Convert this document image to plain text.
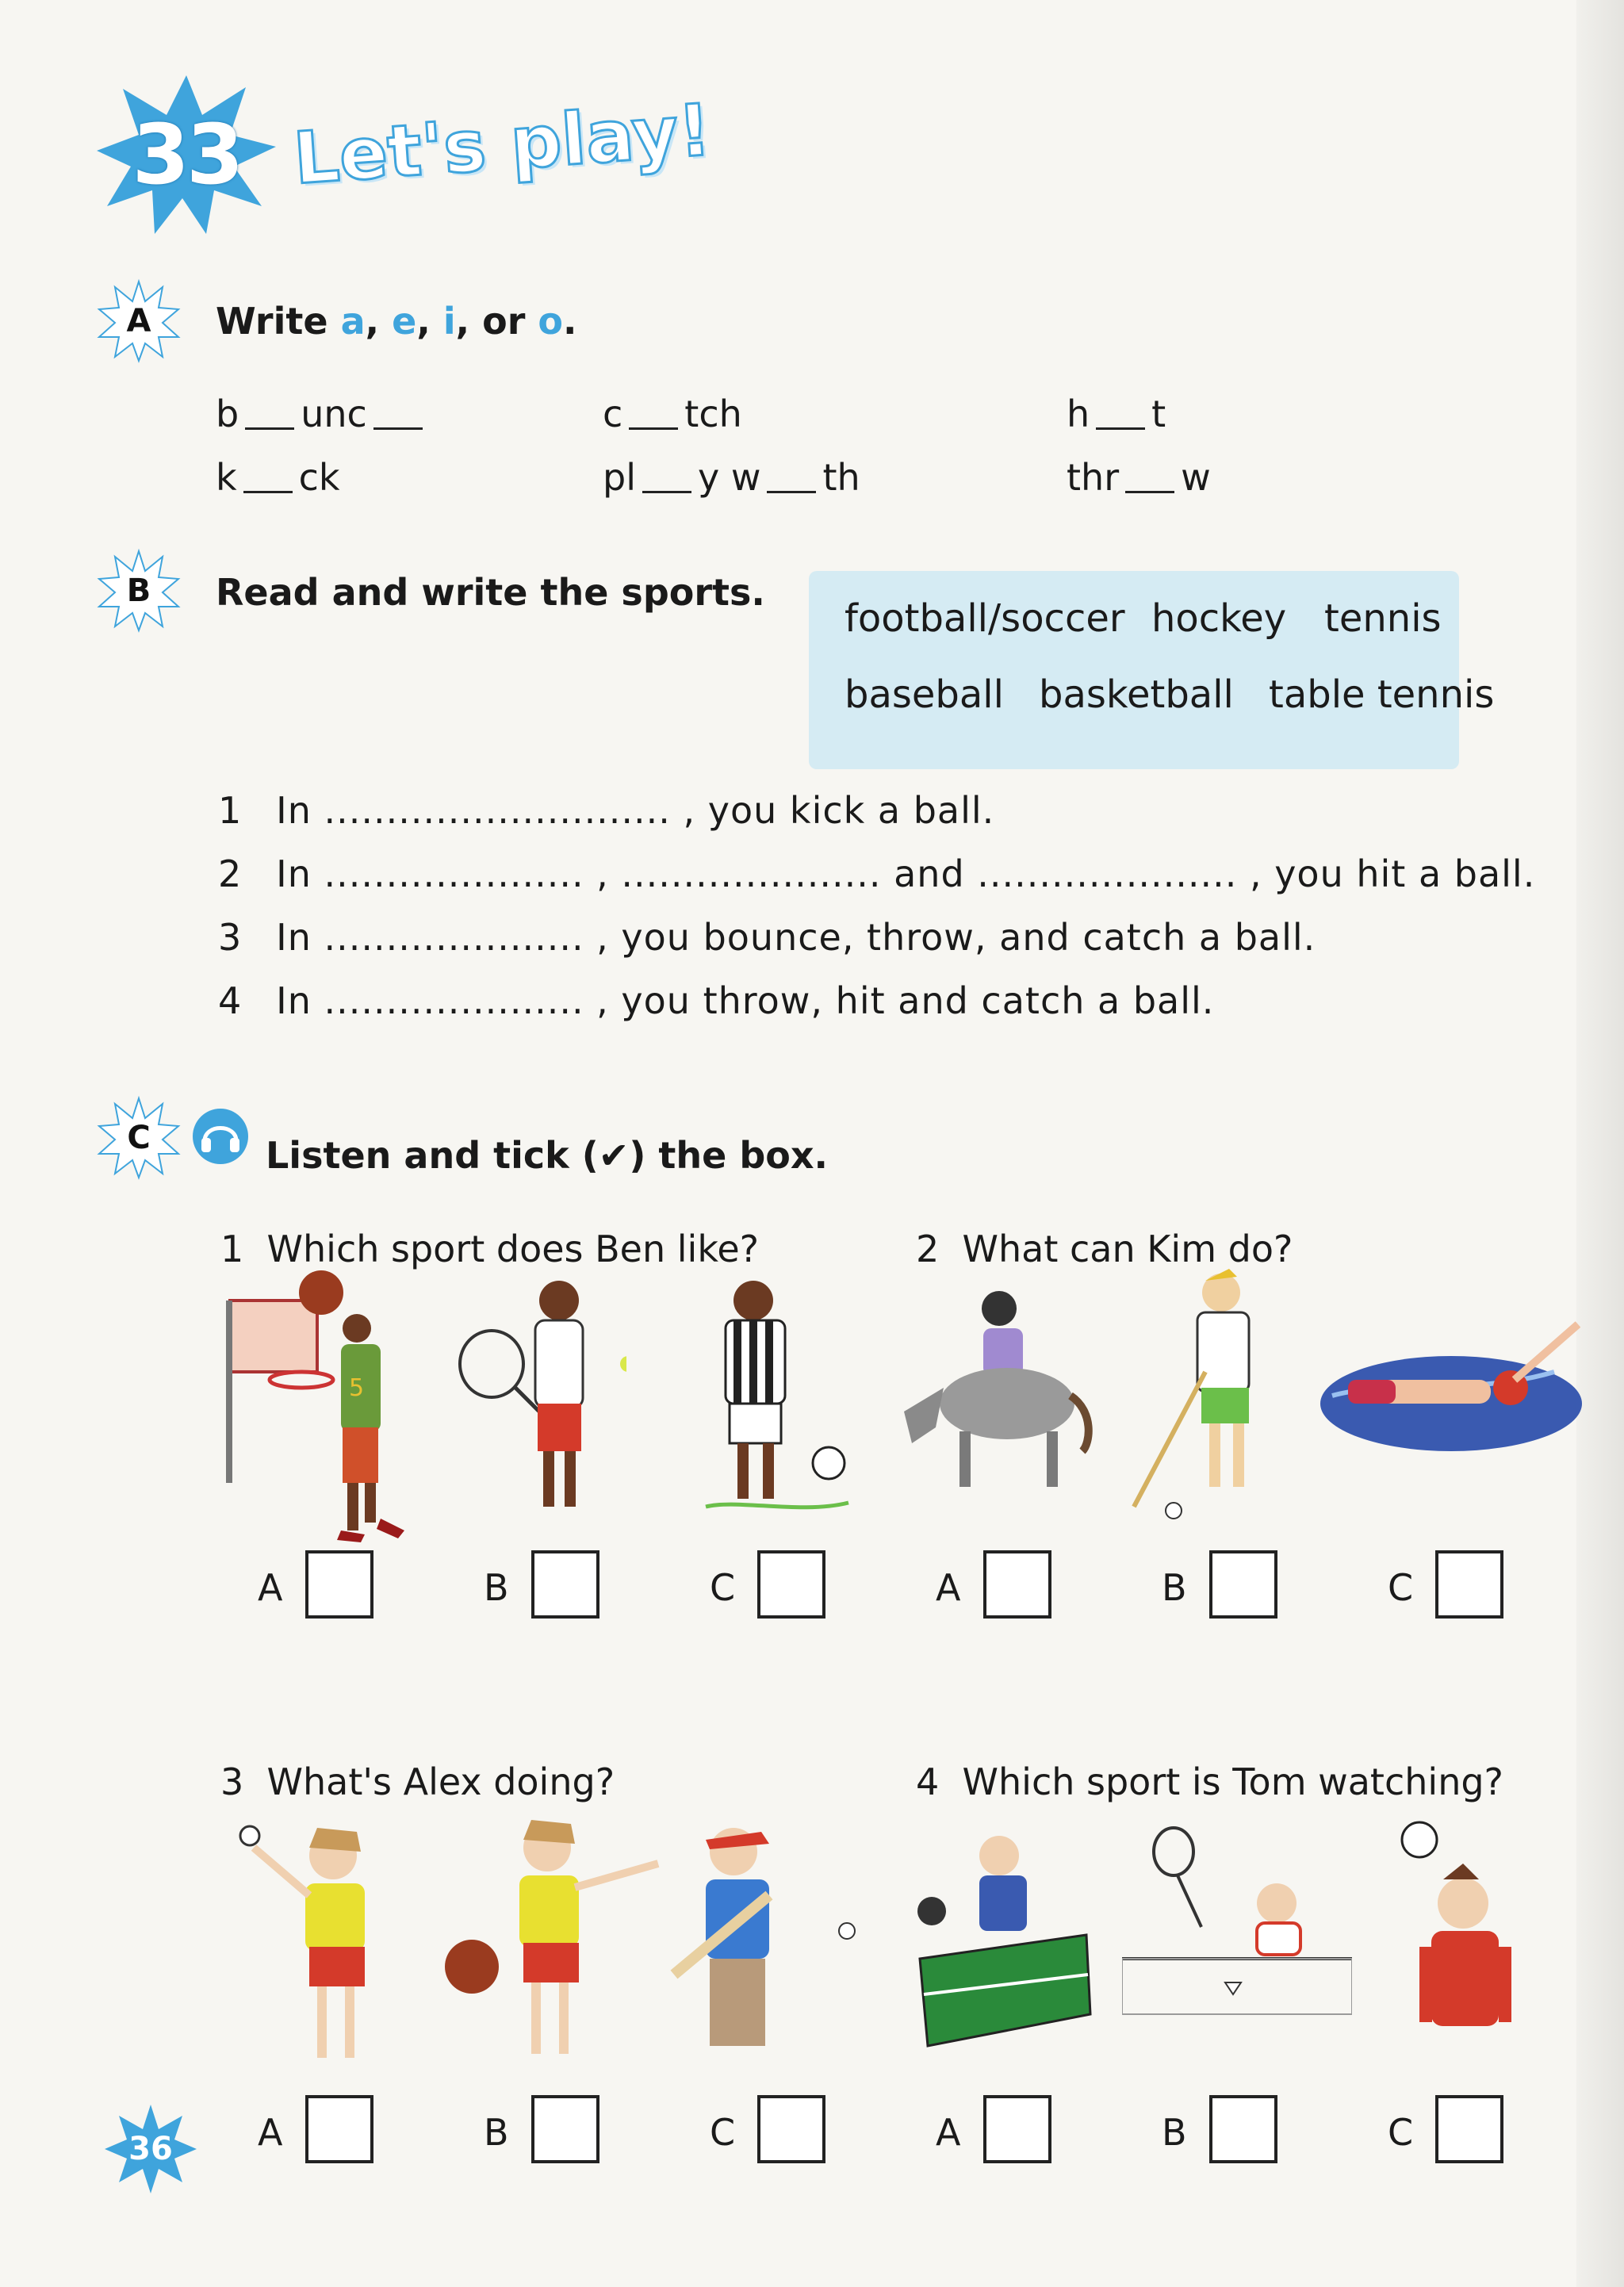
33 Let's play!
A	Write a, e, i, or o.
b unc	c tch	h t
k ck	pl y w th	thr w
B	Read and write the sports.
football/soccer hockey tennis
baseball basketball table tennis
1 In ............................ , you kick a ball.
2 In ..................... , ..................... and ..................... , you hit a ball.
3 In ..................... , you bounce, throw, and catch a ball.
4 In ..................... , you throw, hit and catch a ball.
C	Listen and tick (✔) the box.
1 Which sport does Ben like?	2 What can Kim do?
3 What's Alex doing?	4 Which sport is Tom watching?
5
A	B	C	A	B	C
A	B	C	A	B	C
36
